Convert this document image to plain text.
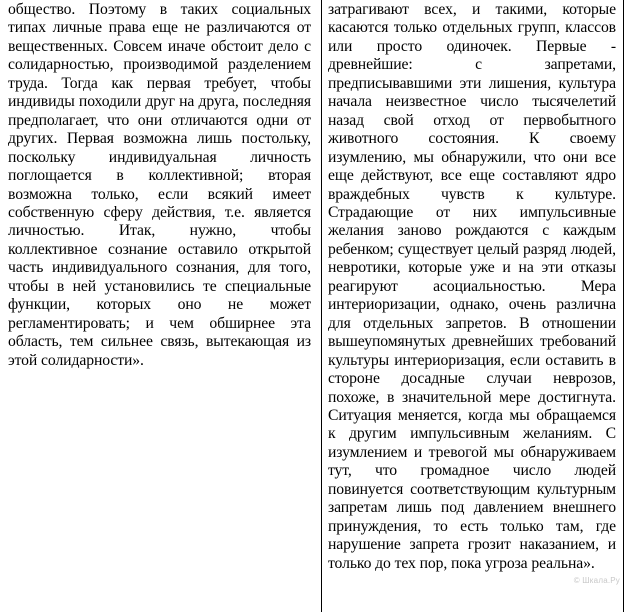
общество. Поэтому в таких социальных типах личные права еще не различаются от вещественных. Совсем иначе обстоит дело с солидарностью, производимой разделением труда. Тогда как первая требует, чтобы индивиды походили друг на друга, последняя предполагает, что они отличаются одни от других. Первая возможна лишь постольку, поскольку индивидуальная личность поглощается в коллективной; вторая возможна только, если всякий имеет собственную сферу действия, т.е. является личностью. Итак, нужно, чтобы коллективное сознание оставило открытой часть индивидуального сознания, для того, чтобы в ней установились те специальные функции, которых оно не может регламентировать; и чем обширнее эта область, тем сильнее связь, вытекающая из этой солидарности».

затрагивают всех, и такими, которые касаются только отдельных групп, классов или просто одиночек. Первые - древнейшие: с запретами, предписывавшими эти лишения, культура начала неизвестное число тысячелетий назад свой отход от первобытного животного состояния. К своему изумлению, мы обнаружили, что они все еще действуют, все еще составляют ядро враждебных чувств к культуре. Страдающие от них импульсивные желания заново рождаются с каждым ребенком; существует целый разряд людей, невротики, которые уже и на эти отказы реагируют асоциальностью. Мера интериоризации, однако, очень различна для отдельных запретов. В отношении вышеупомянутых древнейших требований культуры интериоризация, если оставить в стороне досадные случаи неврозов, похоже, в значительной мере достигнута. Ситуация меняется, когда мы обращаемся к другим импульсивным желаниям. С изумлением и тревогой мы обнаруживаем тут, что громадное число людей повинуется соответствующим культурным запретам лишь под давлением внешнего принуждения, то есть только там, где нарушение запрета грозит наказанием, и только до тех пор, пока угроза реальна».

© Шкала.Ру
